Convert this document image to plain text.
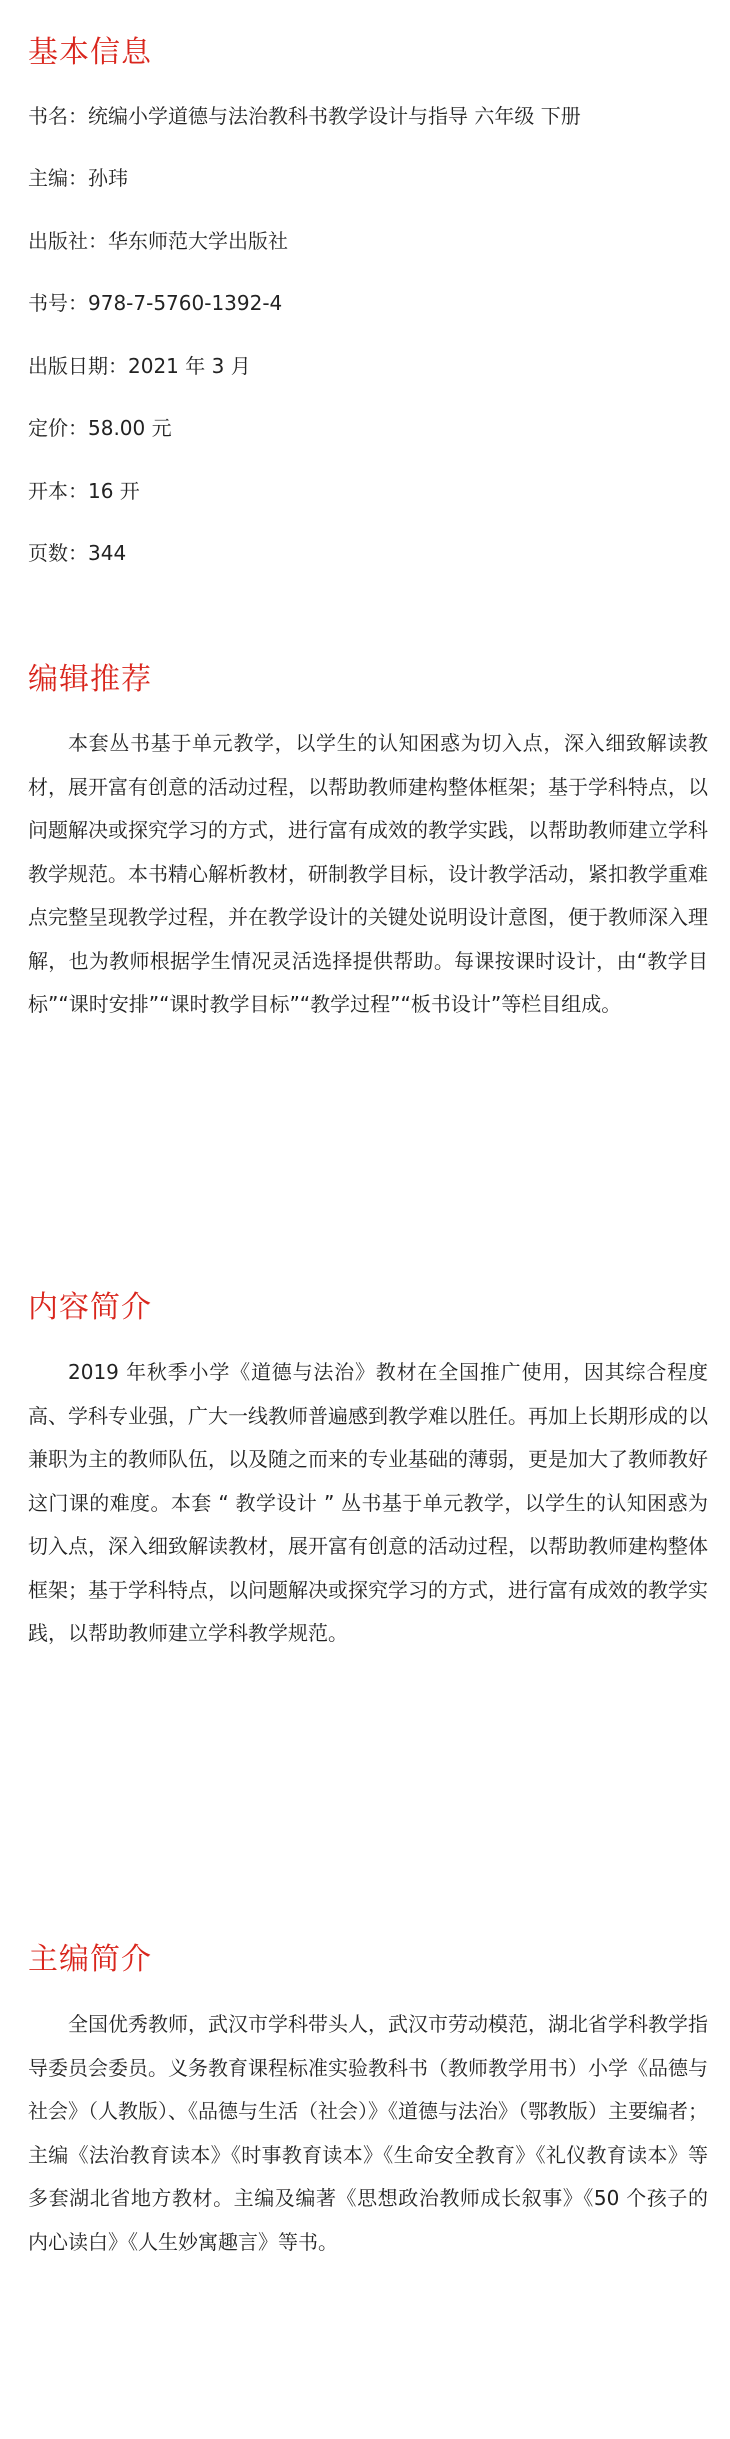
基本信息
书名：统编小学道德与法治教科书教学设计与指导 六年级 下册
主编：孙玮
出版社：华东师范大学出版社
书号：978-7-5760-1392-4
出版日期：2021 年 3 月
定价：58.00 元
开本：16 开
页数：344
编辑推荐

本套丛书基于单元教学，以学生的认知困惑为切入点，深入细致解读教材，展开富有创意的活动过程，以帮助教师建构整体框架；基于学科特点，以问题解决或探究学习的方式，进行富有成效的教学实践，以帮助教师建立学科教学规范。本书精心解析教材，研制教学目标，设计教学活动，紧扣教学重难点完整呈现教学过程，并在教学设计的关键处说明设计意图，便于教师深入理解，也为教师根据学生情况灵活选择提供帮助。每课按课时设计，由“教学目标”“课时安排”“课时教学目标”“教学过程”“板书设计”等栏目组成。

内容简介

2019 年秋季小学《道德与法治》教材在全国推广使用，因其综合程度高、学科专业强，广大一线教师普遍感到教学难以胜任。再加上长期形成的以兼职为主的教师队伍，以及随之而来的专业基础的薄弱，更是加大了教师教好这门课的难度。本套 “ 教学设计 ” 丛书基于单元教学，以学生的认知困惑为切入点，深入细致解读教材，展开富有创意的活动过程，以帮助教师建构整体框架；基于学科特点，以问题解决或探究学习的方式，进行富有成效的教学实践，以帮助教师建立学科教学规范。

主编简介

全国优秀教师，武汉市学科带头人，武汉市劳动模范，湖北省学科教学指导委员会委员。义务教育课程标准实验教科书（教师教学用书）小学《品德与社会》（人教版）、《品德与生活（社会）》《道德与法治》（鄂教版）主要编者；主编《法治教育读本》《时事教育读本》《生命安全教育》《礼仪教育读本》等多套湖北省地方教材。主编及编著《思想政治教师成长叙事》《50 个孩子的内心读白》《人生妙寓趣言》等书。
